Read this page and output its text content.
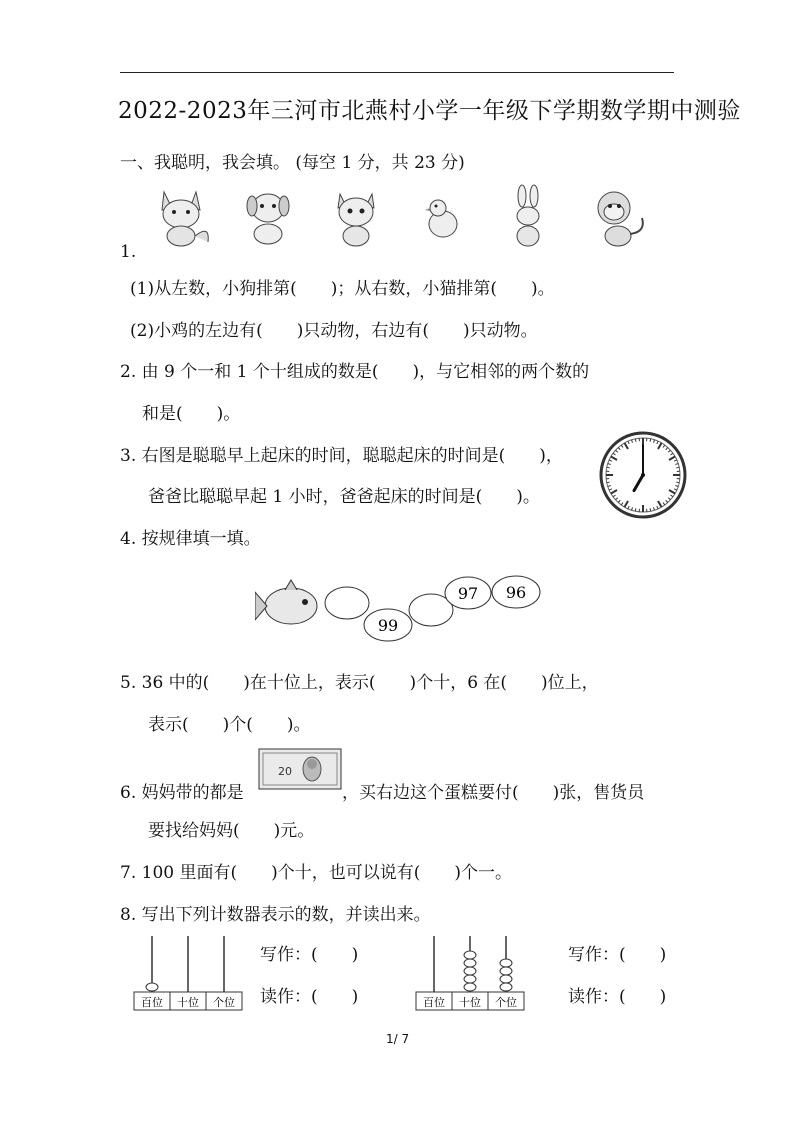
2022-2023年三河市北燕村小学一年级下学期数学期中测验
一、我聪明，我会填。 (每空 1 分，共 23 分)
1.
(1)从左数，小狗排第(　　)；从右数，小猫排第(　　)。
(2)小鸡的左边有(　　)只动物，右边有(　　)只动物。
2. 由 9 个一和 1 个十组成的数是(　　)，与它相邻的两个数的
和是(　　)。
3. 右图是聪聪早上起床的时间，聪聪起床的时间是(　　)，
爸爸比聪聪早起 1 小时，爸爸起床的时间是(　　)。
4. 按规律填一填。
99
97 96
5. 36 中的(　　)在十位上，表示(　　)个十，6 在(　　)位上，
表示(　　)个(　　)。
6. 妈妈带的都是
20
，买右边这个蛋糕要付(　　)张，售货员
要找给妈妈(　　)元。
7. 100 里面有(　　)个十，也可以说有(　　)个一。
8. 写出下列计数器表示的数，并读出来。
百位 十位 个位
写作：(　　)
读作：(　　)	百位 十位 个位
写作：(　　)
读作：(　　)
1/ 7
